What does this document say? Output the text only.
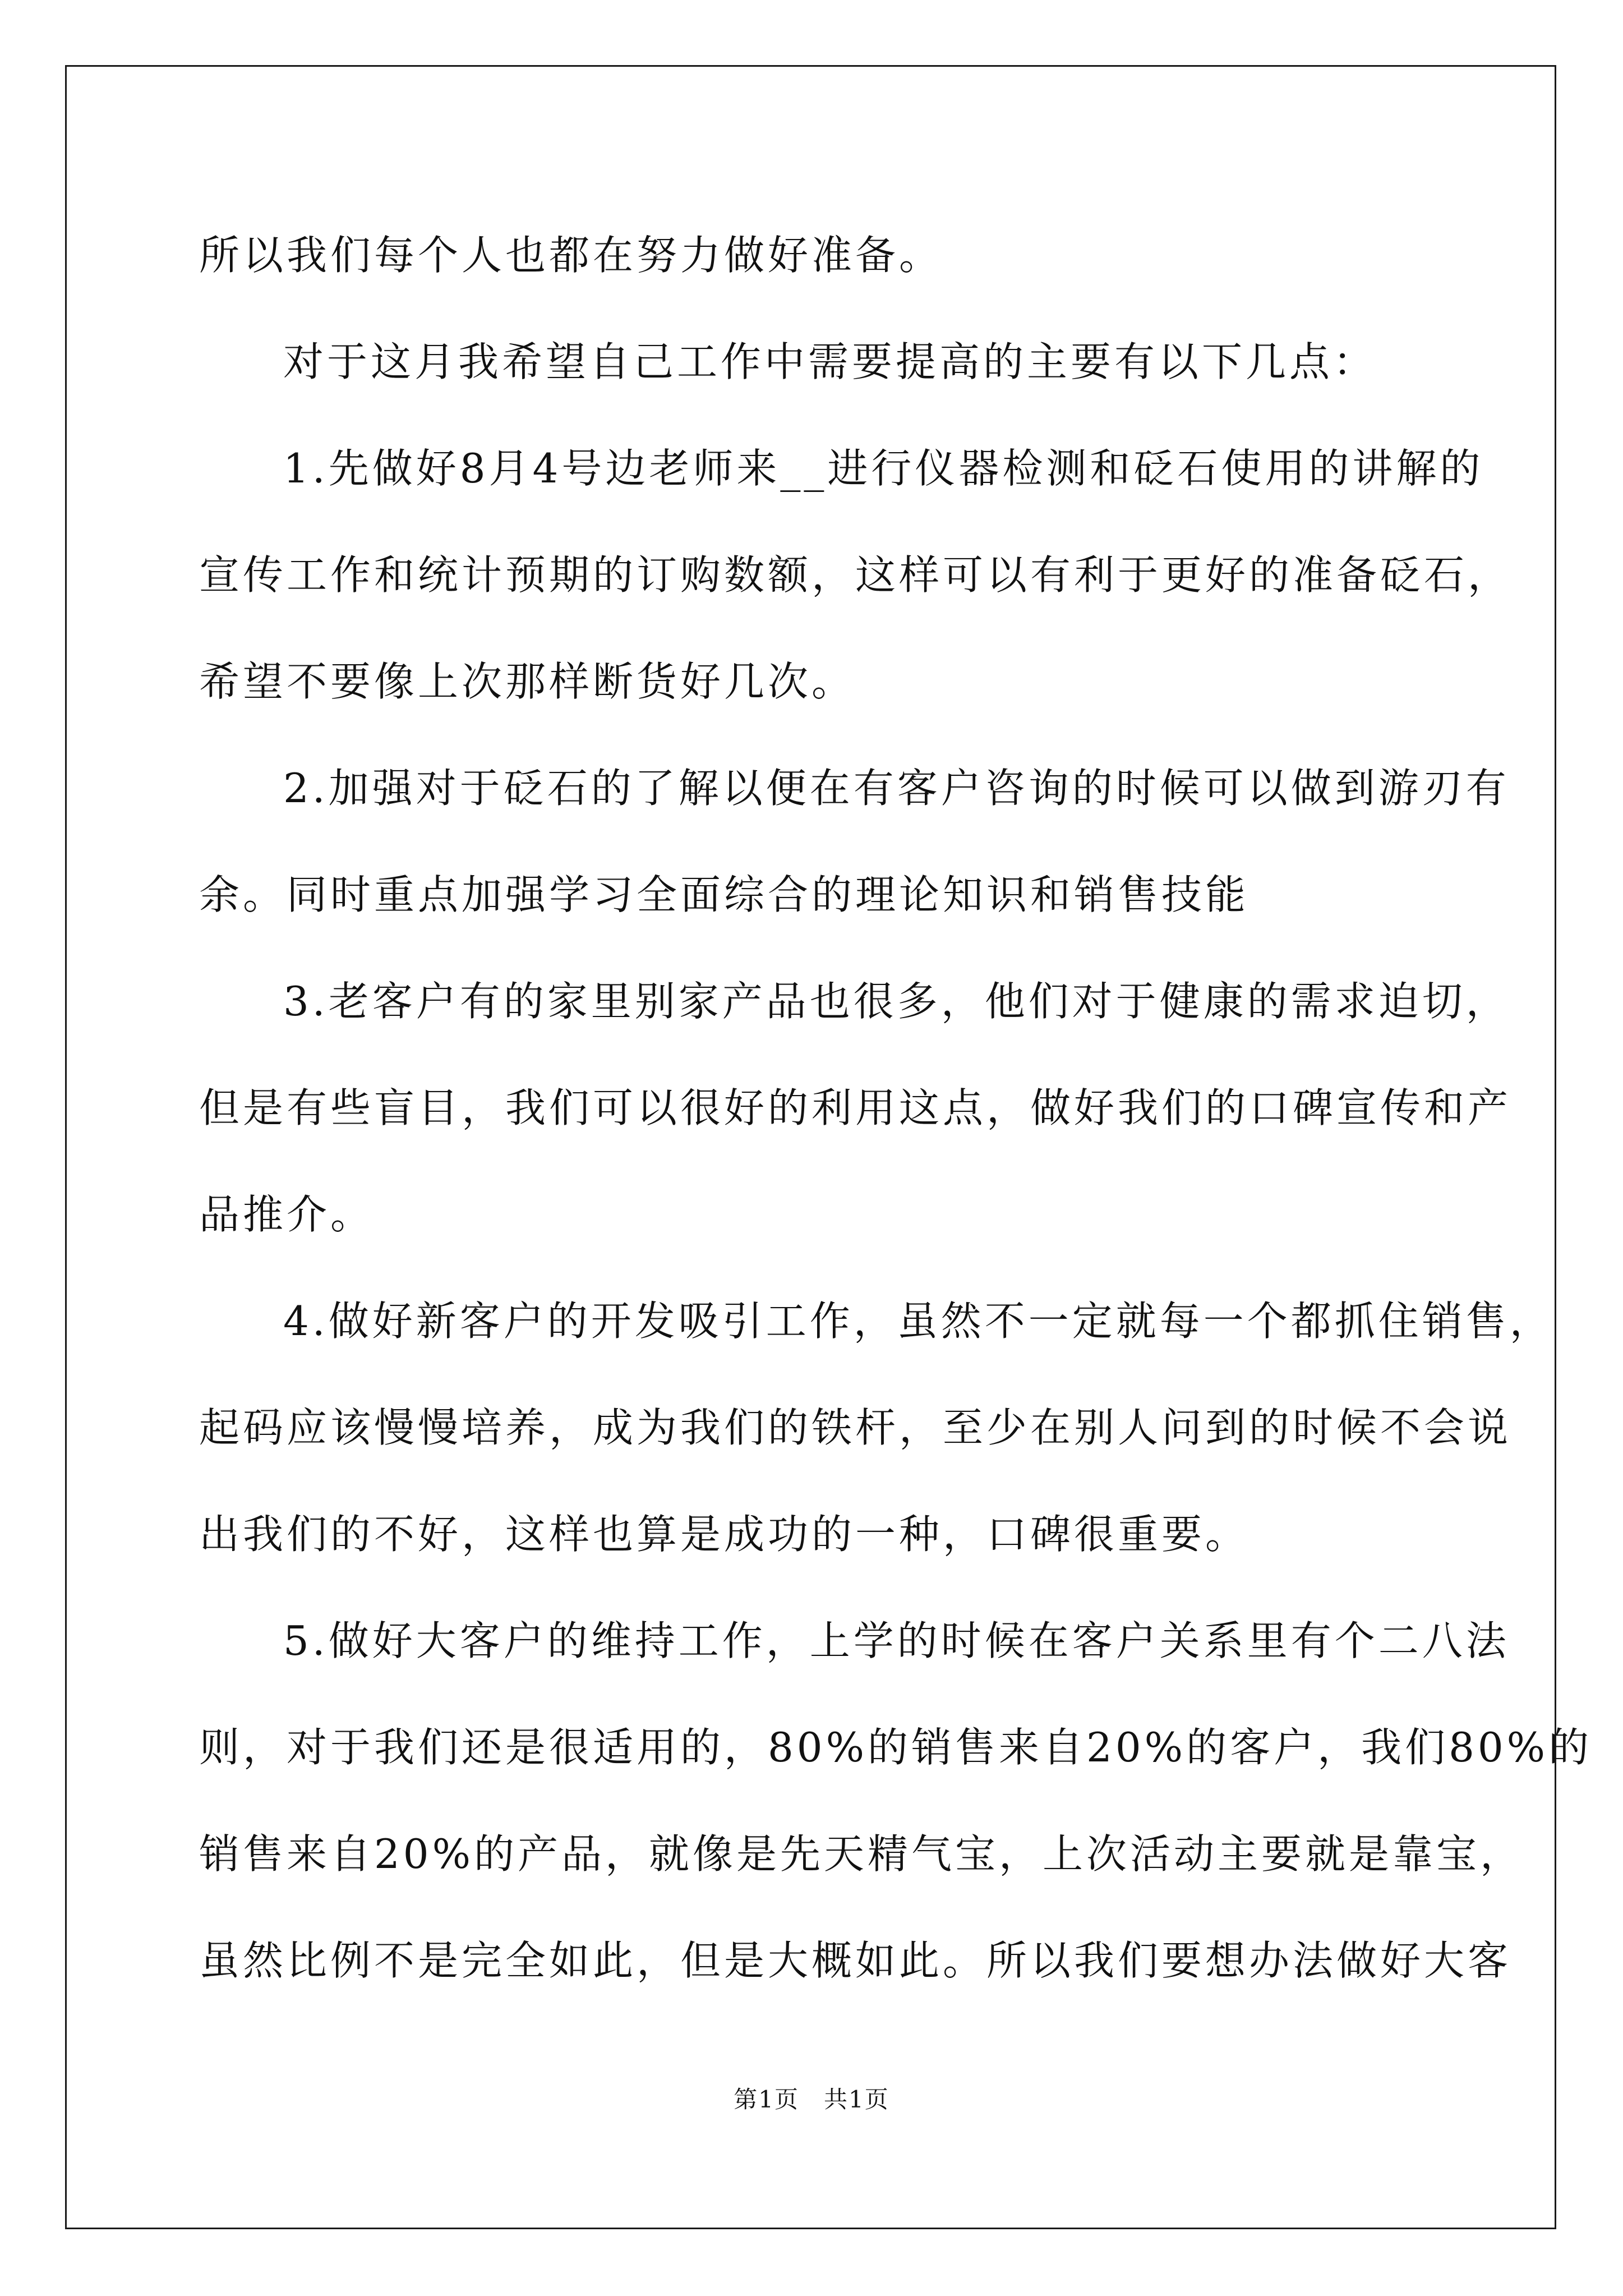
所以我们每个人也都在努力做好准备。

对于这月我希望自己工作中需要提高的主要有以下几点：

1.先做好8月4号边老师来__进行仪器检测和砭石使用的讲解的

宣传工作和统计预期的订购数额，这样可以有利于更好的准备砭石，

希望不要像上次那样断货好几次。

2.加强对于砭石的了解以便在有客户咨询的时候可以做到游刃有

余。同时重点加强学习全面综合的理论知识和销售技能

3.老客户有的家里别家产品也很多，他们对于健康的需求迫切，

但是有些盲目，我们可以很好的利用这点，做好我们的口碑宣传和产

品推介。

4.做好新客户的开发吸引工作，虽然不一定就每一个都抓住销售，

起码应该慢慢培养，成为我们的铁杆，至少在别人问到的时候不会说

出我们的不好，这样也算是成功的一种，口碑很重要。

5.做好大客户的维持工作，上学的时候在客户关系里有个二八法

则，对于我们还是很适用的，80%的销售来自20%的客户，我们80%的

销售来自20%的产品，就像是先天精气宝，上次活动主要就是靠宝，

虽然比例不是完全如此，但是大概如此。所以我们要想办法做好大客

第1页 共1页
